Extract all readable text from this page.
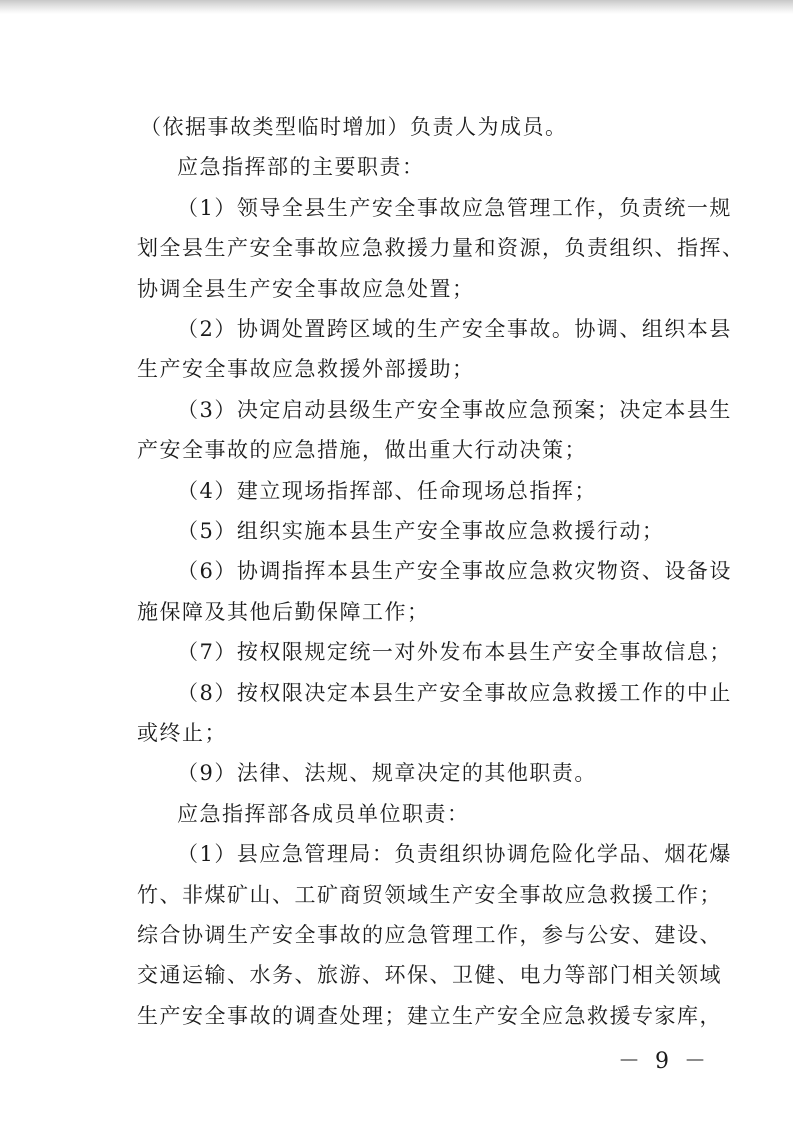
（依据事故类型临时增加）负责人为成员。
应急指挥部的主要职责：
（1）领导全县生产安全事故应急管理工作，负责统一规
划全县生产安全事故应急救援力量和资源，负责组织、指挥、
协调全县生产安全事故应急处置；
（2）协调处置跨区域的生产安全事故。协调、组织本县
生产安全事故应急救援外部援助；
（3）决定启动县级生产安全事故应急预案；决定本县生
产安全事故的应急措施，做出重大行动决策；
（4）建立现场指挥部、任命现场总指挥；
（5）组织实施本县生产安全事故应急救援行动；
（6）协调指挥本县生产安全事故应急救灾物资、设备设
施保障及其他后勤保障工作；
（7）按权限规定统一对外发布本县生产安全事故信息；
（8）按权限决定本县生产安全事故应急救援工作的中止
或终止；
（9）法律、法规、规章决定的其他职责。
应急指挥部各成员单位职责：
（1）县应急管理局：负责组织协调危险化学品、烟花爆
竹、非煤矿山、工矿商贸领域生产安全事故应急救援工作；
综合协调生产安全事故的应急管理工作，参与公安、建设、
交通运输、水务、旅游、环保、卫健、电力等部门相关领域
生产安全事故的调查处理；建立生产安全应急救援专家库，
－ 9 －
